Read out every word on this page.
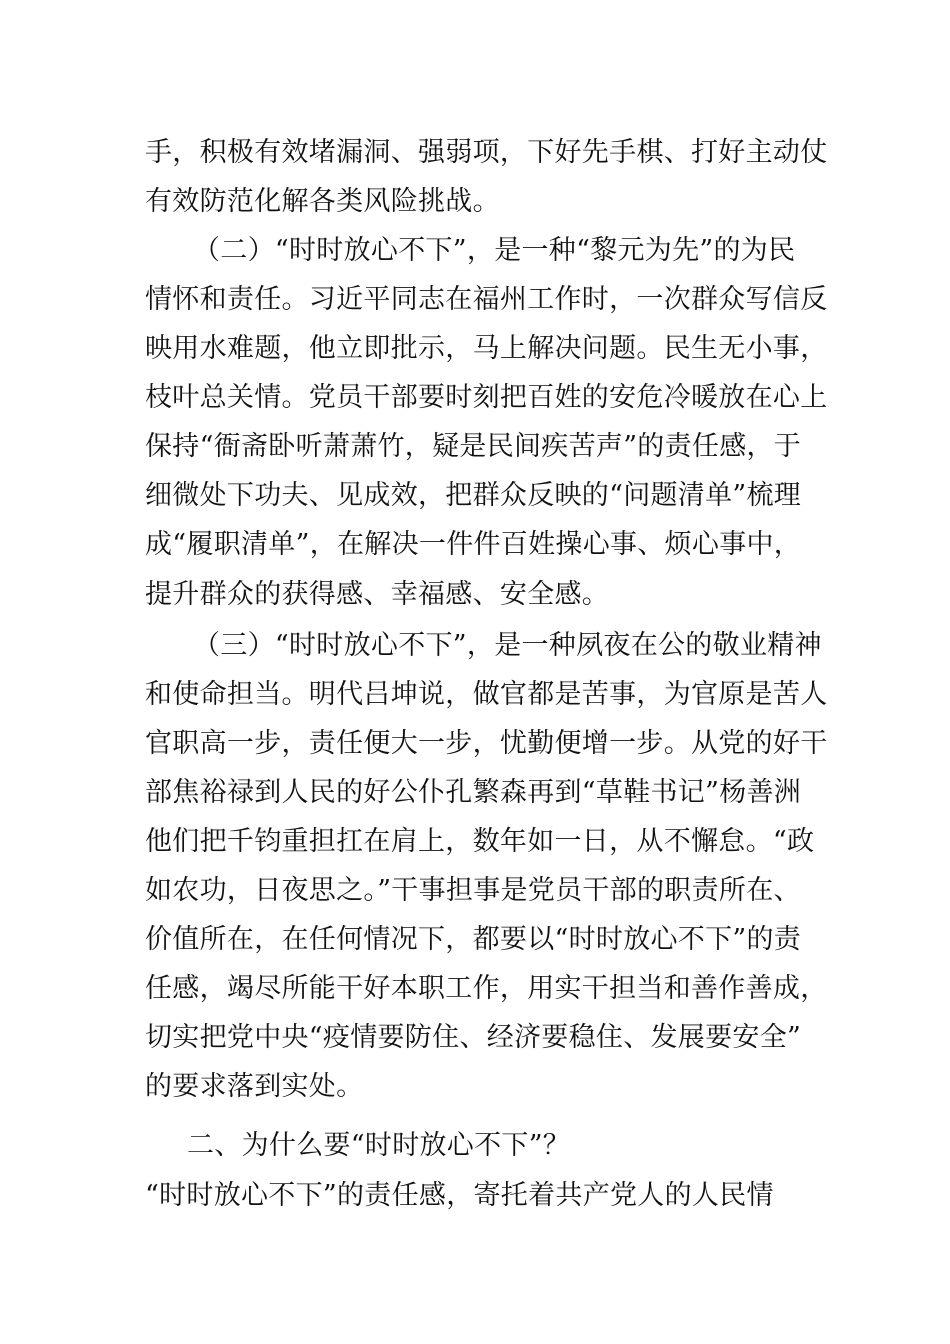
手，积极有效堵漏洞、强弱项，下好先手棋、打好主动仗
有效防范化解各类风险挑战。
（二）“时时放心不下”，是一种“黎元为先”的为民
情怀和责任。习近平同志在福州工作时，一次群众写信反
映用水难题，他立即批示，马上解决问题。民生无小事，
枝叶总关情。党员干部要时刻把百姓的安危冷暖放在心上
保持“衙斋卧听萧萧竹，疑是民间疾苦声”的责任感，于
细微处下功夫、见成效，把群众反映的“问题清单”梳理
成“履职清单”，在解决一件件百姓操心事、烦心事中，
提升群众的获得感、幸福感、安全感。
（三）“时时放心不下”，是一种夙夜在公的敬业精神
和使命担当。明代吕坤说，做官都是苦事，为官原是苦人
官职高一步，责任便大一步，忧勤便增一步。从党的好干
部焦裕禄到人民的好公仆孔繁森再到“草鞋书记”杨善洲
他们把千钧重担扛在肩上，数年如一日，从不懈怠。“政
如农功，日夜思之。”干事担事是党员干部的职责所在、
价值所在，在任何情况下，都要以“时时放心不下”的责
任感，竭尽所能干好本职工作，用实干担当和善作善成，
切实把党中央“疫情要防住、经济要稳住、发展要安全”
的要求落到实处。
二、为什么要“时时放心不下”？
“时时放心不下”的责任感，寄托着共产党人的人民情
